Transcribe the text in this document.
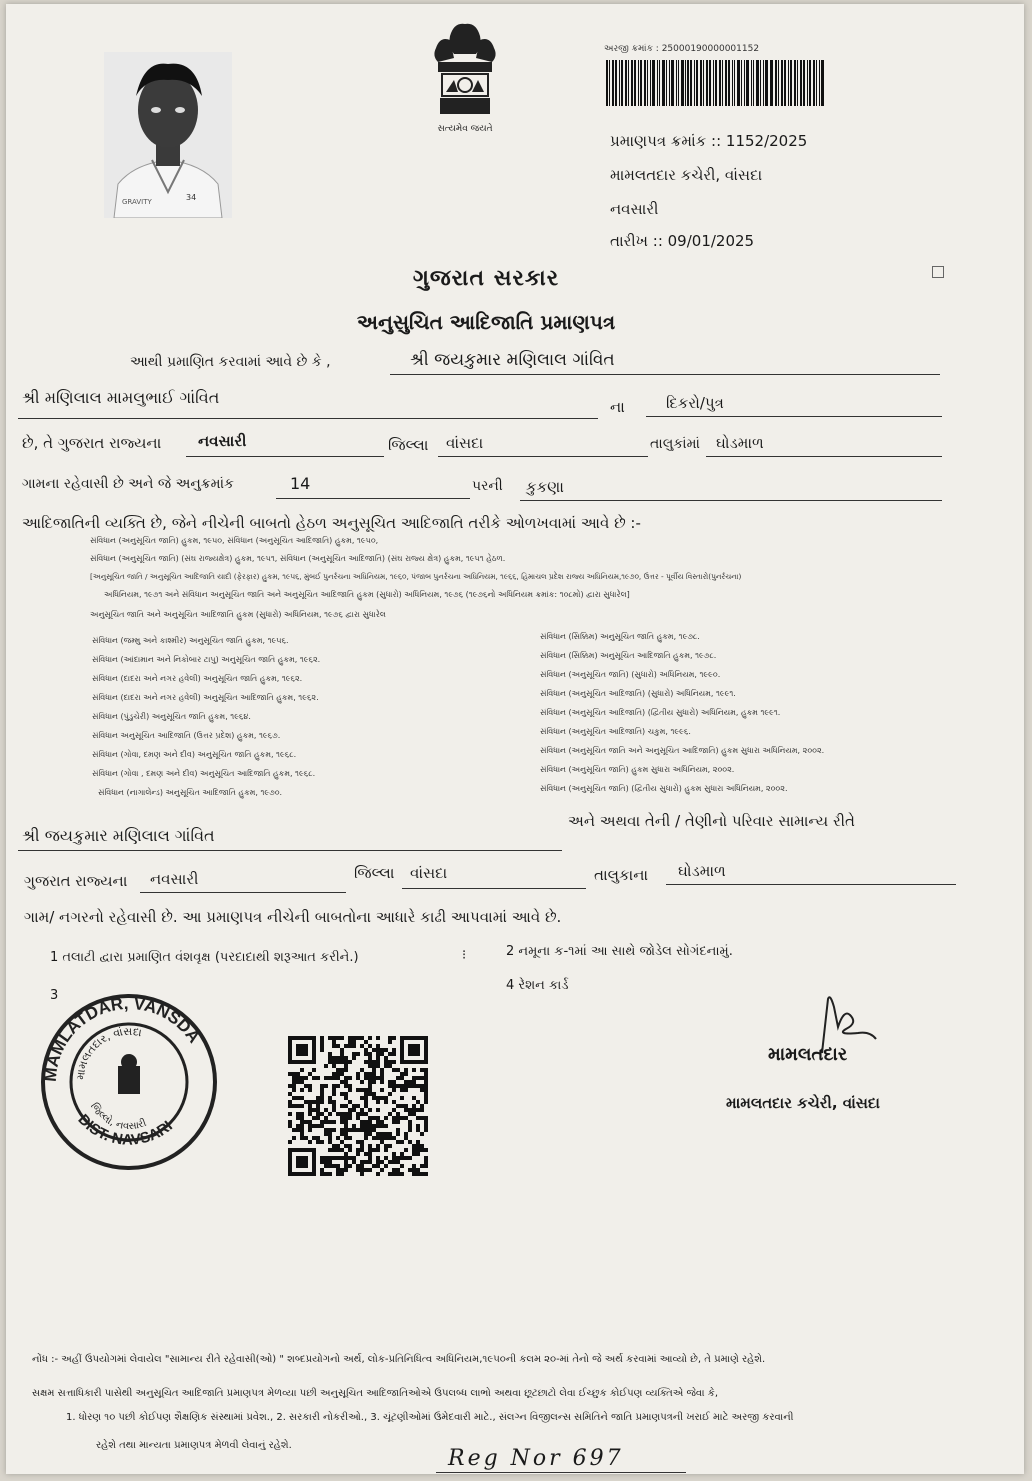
GRAVITY	34
સત્યમેવ જયતે
અરજી ક્રમાંક : 25000190000001152
પ્રમાણપત્ર ક્રમાંક :: 1152/2025
મામલતદાર કચેરી, વાંસદા
નવસારી
તારીખ :: 09/01/2025
ગુજરાત સરકાર
અનુસુચિત આદિજાતિ પ્રમાણપત્ર
આથી પ્રમાણિત કરવામાં આવે છે કે ,	શ્રી જયકુમાર મણિલાલ ગાંવિત
શ્રી મણિલાલ મામલુભાઈ ગાંવિત	ના	દિકરો/પુત્ર
છે, તે ગુજરાત રાજ્યના નવસારી	જિલ્લા વાંસદા	તાલુકાંમાં ઘોડમાળ
ગામના રહેવાસી છે અને જે અનુક્રમાંક	14	પરની કુકણા
આદિજાતિની વ્યક્તિ છે, જેને નીચેની બાબતો હેઠળ અનુસૂચિત આદિજાતિ તરીકે ઓળખવામાં આવે છે :-
સંવિધાન (અનુસૂચિત જાતિ) હુકમ, ૧૯૫૦, સંવિધાન (અનુસૂચિત આદિજાતિ) હુકમ, ૧૯૫૦,
સંવિધાન (અનુસૂચિત જાતિ) (સંઘ રાજ્યક્ષેત્ર) હુકમ, ૧૯૫૧, સંવિધાન (અનુસૂચિત આદિજાતિ) (સંઘ રાજ્ય ક્ષેત્ર) હુકમ, ૧૯૫૧ હેઠળ.
[અનુસૂચિત જાતિ / અનુસૂચિત આદિજાતિ યાદી (ફેરફાર) હુકમ, ૧૯૫૬, મુંબઈ પુનર્રચના અધિનિયમ, ૧૯૬૦, પંજાબ પુનર્રચના અધિનિયમ, ૧૯૬૬, હિમાચલ પ્રદેશ રાજ્ય અધિનિયમ,૧૯૭૦, ઉત્તર - પૂર્વીય વિસ્તારો(પુનર્રચના)
અધિનિયમ, ૧૯૭૧ અને સંવિધાન અનુસૂચિત જાતિ અને અનુસૂચિત આદિજાતિ હુકમ (સુધારો) અધિનિયમ, ૧૯૭૬ (૧૯૭૬નો અધિનિયમ ક્રમાંક: ૧૦૮મો) દ્વારા સુધારેલ]
અનુસૂચિત જાતિ અને અનુસૂચિત આદિજાતિ હુકમ (સુધારો) અધિનિયમ, ૧૯૭૬ દ્વારા સુધારેલ
સંવિધાન (જમ્મુ અને કાશ્મીર) અનુસૂચિત જાતિ હુકમ, ૧૯૫૬.
સંવિધાન (આંદામાન અને નિકોબાર ટાપુ) અનુસૂચિત જાતિ હુકમ, ૧૯૬૨.
સંવિધાન (દાદરા અને નગર હવેલી) અનુસૂચિત જાતિ હુકમ, ૧૯૬૨.
સંવિધાન (દાદરા અને નગર હવેલી) અનુસૂચિત આદિજાતિ હુકમ, ૧૯૬૨.
સંવિધાન (પુંડુચેરી) અનુસૂચિત જાતિ હુકમ, ૧૯૬૪.
સંવિધાન અનુસૂચિત આદિજાતિ (ઉત્તર પ્રદેશ) હુકમ, ૧૯૬૭.
સંવિધાન (ગોવા, દમણ અને દીવ) અનુસૂચિત જાતિ હુકમ, ૧૯૬૮.
સંવિધાન (ગોવા , દમણ અને દીવ) અનુસૂચિત આદિજાતિ હુકમ, ૧૯૬૮.
સંવિધાન (નાગાલેન્ડ) અનુસૂચિત આદિજાતિ હુકમ, ૧૯૭૦.
સંવિધાન (સિક્કિમ) અનુસૂચિત જાતિ હુકમ, ૧૯૭૮.
સંવિધાન (સિક્કિમ) અનુસૂચિત આદિજાતિ હુકમ, ૧૯૭૮.
સંવિધાન (અનુસૂચિત જાતિ) (સુધારો) અધિનિયમ, ૧૯૯૦.
સંવિધાન (અનુસૂચિત આદિજાતિ) (સુધારો) અધિનિયમ, ૧૯૯૧.
સંવિધાન (અનુસૂચિત આદિજાતિ) (દ્વિતીય સુધારો) અધિનિયમ, હુકમ ૧૯૯૧.
સંવિધાન (અનુસૂચિત આદિજાતિ) ચકુમ, ૧૯૯૬.
સંવિધાન (અનુસૂચિત જાતિ અને અનુસૂચિત આદિજાતિ) હુકમ સુધારા અધિનિયમ, ૨૦૦૨.
સંવિધાન (અનુસૂચિત જાતિ) હુકમ સુધારા અધિનિયમ, ૨૦૦૨.
સંવિધાન (અનુસૂચિત જાતિ) (દ્વિતીય સુધારો) હુકમ સુધારા અધિનિયમ, ૨૦૦૨.
શ્રી જયકુમાર મણિલાલ ગાંવિત
અને અથવા તેની / તેણીનો પરિવાર સામાન્ય રીતે
ગુજરાત રાજ્યના નવસારી	જિલ્લા વાંસદા	તાલુકાના ઘોડમાળ
ગામ/ નગરનો રહેવાસી છે. આ પ્રમાણપત્ર નીચેની બાબતોના આધારે કાઢી આપવામાં આવે છે.
1 તલાટી દ્વારા પ્રમાણિત વંશવૃક્ષ (પરદાદાથી શરૂઆત કરીને.)	⁝	2 નમૂના ક-૧માં આ સાથે જોડેલ સોગંદનામું.
3
4 રેશન કાર્ડ
MAMLATDAR, VANSDA
DIST. NAVSARI
મામલતદાર, વાંસદા
જિલ્લો, નવસારી
મામલતદાર
મામલતદાર કચેરી, વાંસદા
નોંધ :- અહીં ઉપયોગમાં લેવાયેલ "સામાન્ય રીતે રહેવાસી(ઓ) " શબ્દપ્રયોગનો અર્થ, લોક-પ્રતિનિધિત્વ અધિનિયમ,૧૯૫૦ની કલમ ૨૦-માં તેનો જે અર્થ કરવામાં આવ્યો છે, તે પ્રમાણે રહેશે.
સક્ષમ સત્તાધિકારી પાસેથી અનુસૂચિત આદિજાતિ પ્રમાણપત્ર મેળવ્યા પછી અનુસૂચિત આદિજાતિઓએ ઉપલબ્ધ લાભો અથવા છૂટછાટો લેવા ઈચ્છુક કોઈપણ વ્યક્તિએ જેવા કે,
1. ધોરણ ૧૦ પછી કોઈપણ શૈક્ષણિક સંસ્થામાં પ્રવેશ., 2. સરકારી નોકરીઓ., 3. ચૂંટણીઓમાં ઉમેદવારી માટે., સંલગ્ન વિજીલન્સ સમિતિને જાતિ પ્રમાણપત્રની ખરાઈ માટે અરજી કરવાની
રહેશે તથા માન્યતા પ્રમાણપત્ર મેળવી લેવાનું રહેશે.
Reg Nor 697
